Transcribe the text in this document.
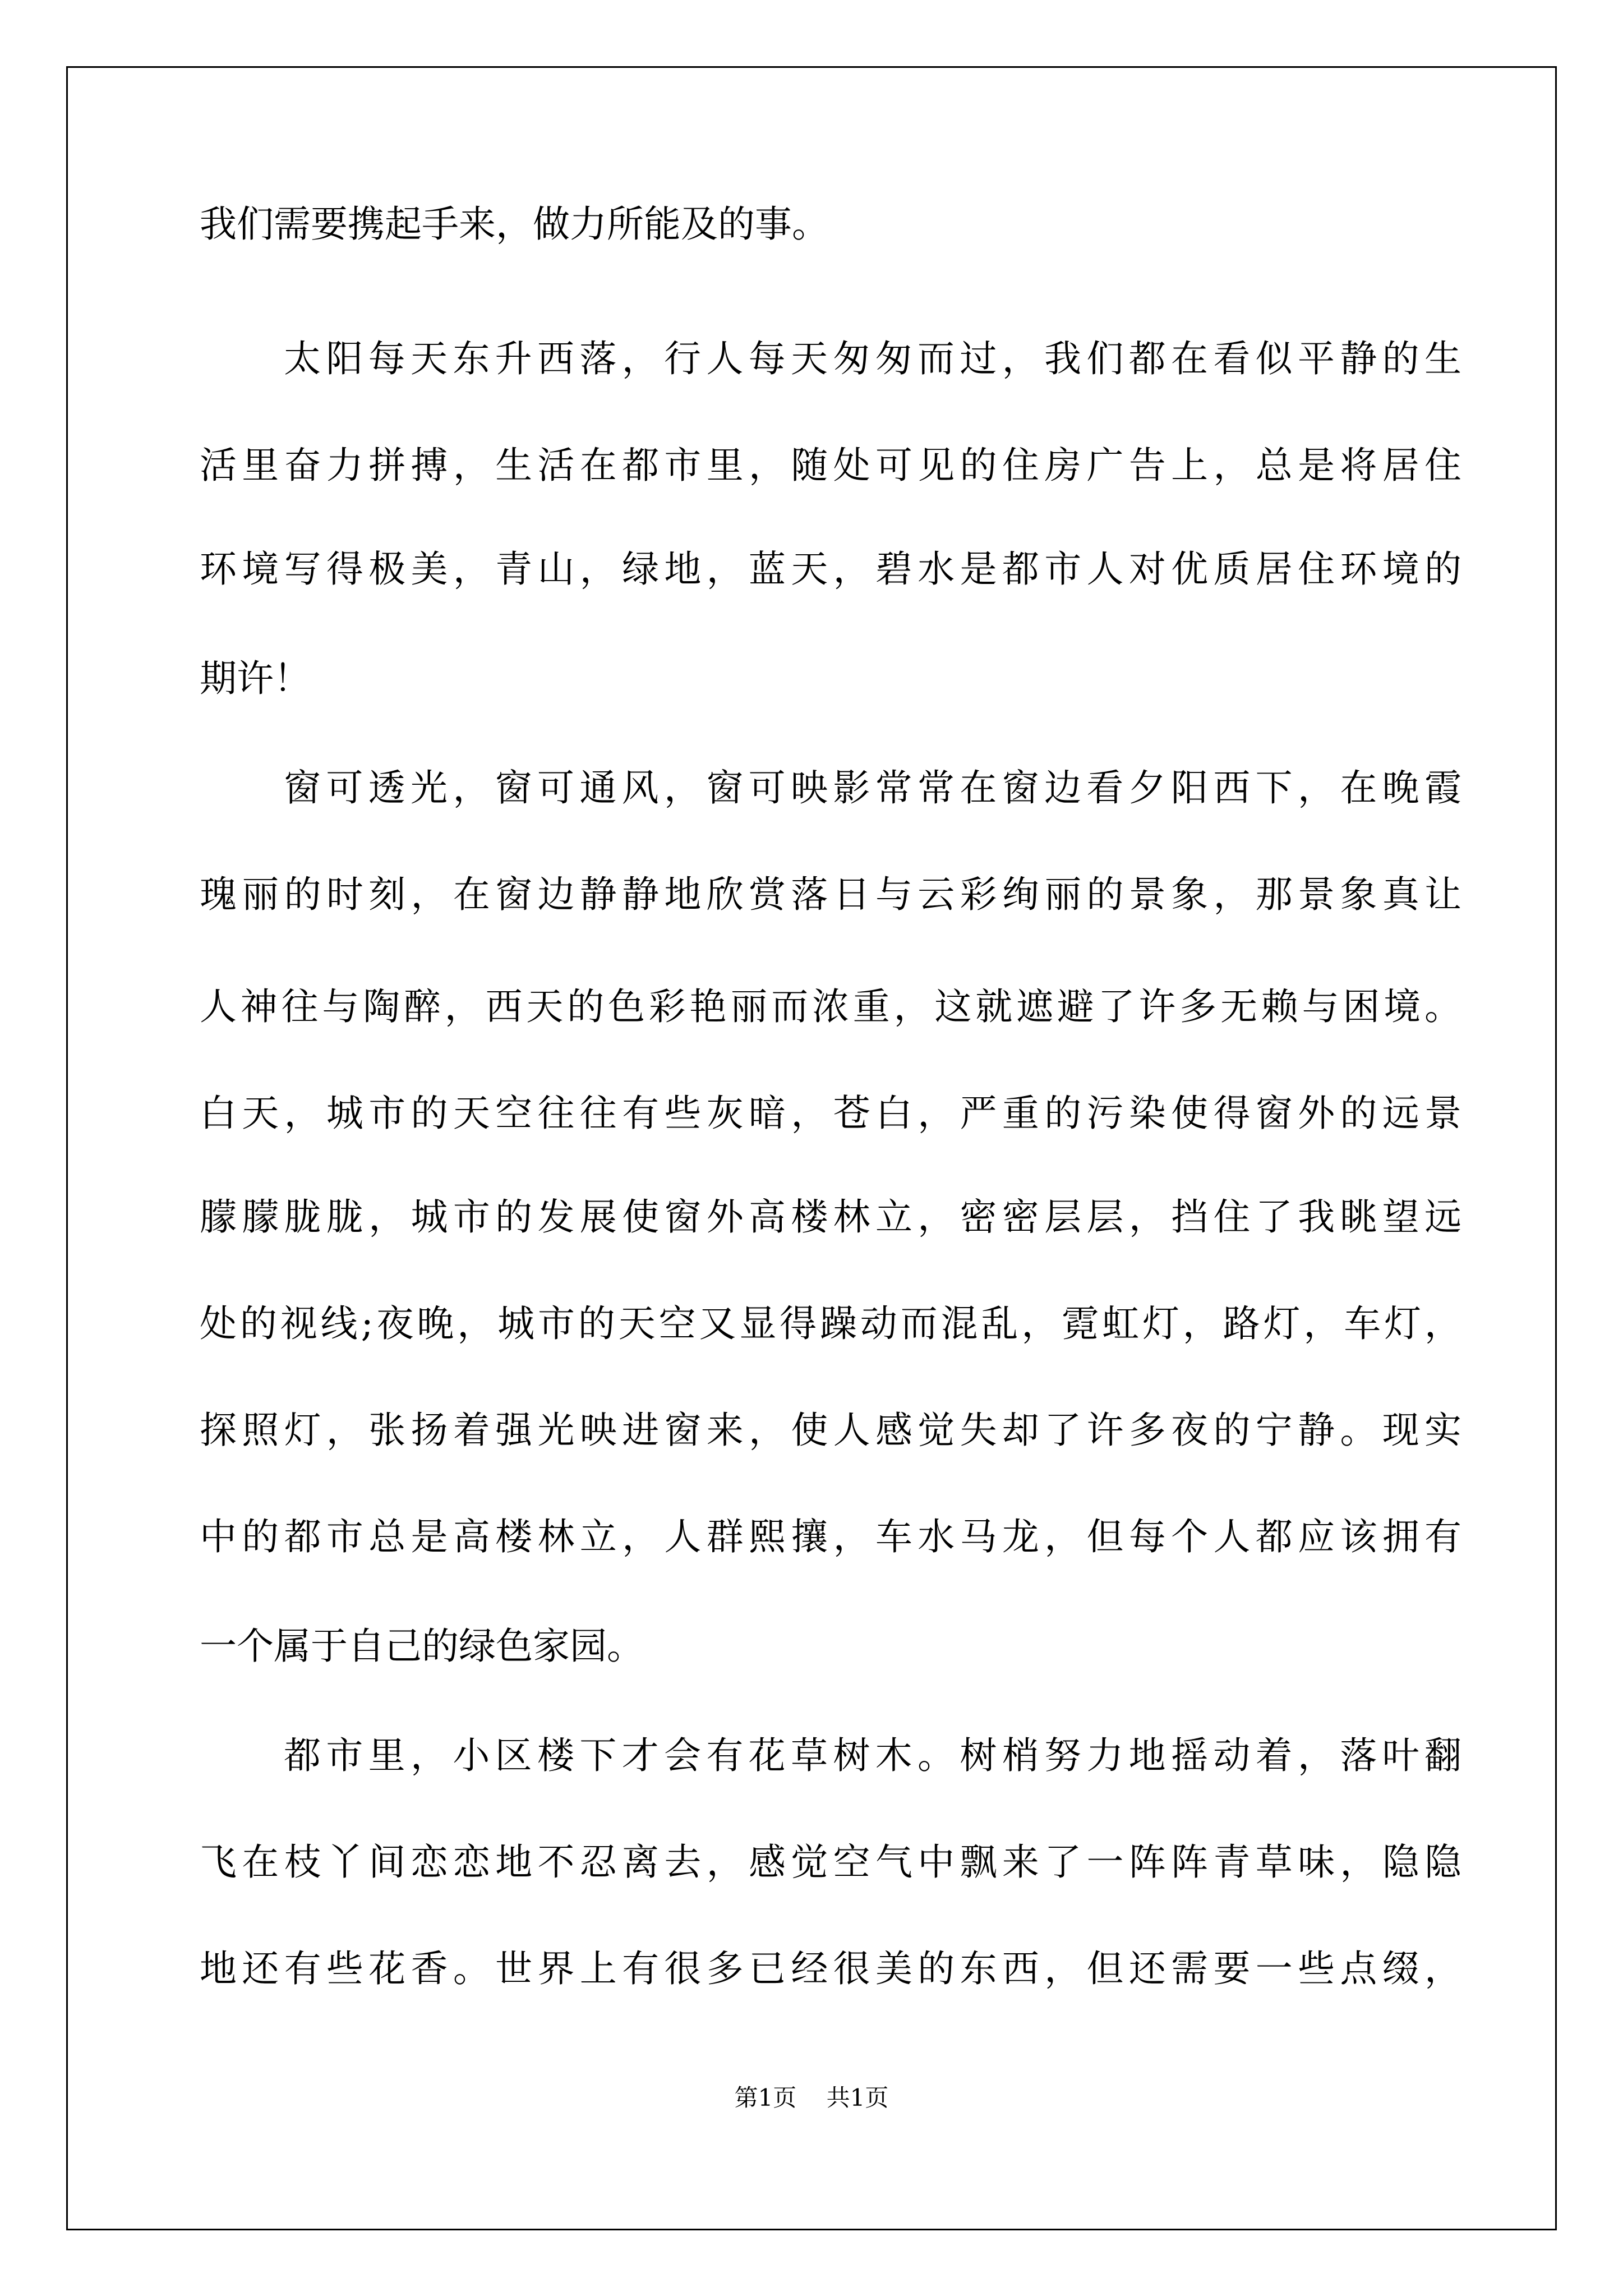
我们需要携起手来，做力所能及的事。

太阳每天东升西落，行人每天匆匆而过，我们都在看似平静的生

活里奋力拼搏，生活在都市里，随处可见的住房广告上，总是将居住

环境写得极美，青山，绿地，蓝天，碧水是都市人对优质居住环境的

期许！

窗可透光，窗可通风，窗可映影常常在窗边看夕阳西下，在晚霞

瑰丽的时刻，在窗边静静地欣赏落日与云彩绚丽的景象，那景象真让

人神往与陶醉，西天的色彩艳丽而浓重，这就遮避了许多无赖与困境。

白天，城市的天空往往有些灰暗，苍白，严重的污染使得窗外的远景

朦朦胧胧，城市的发展使窗外高楼林立，密密层层，挡住了我眺望远

处的视线;夜晚，城市的天空又显得躁动而混乱，霓虹灯，路灯，车灯，

探照灯，张扬着强光映进窗来，使人感觉失却了许多夜的宁静。现实

中的都市总是高楼林立，人群熙攘，车水马龙，但每个人都应该拥有

一个属于自己的绿色家园。

都市里，小区楼下才会有花草树木。树梢努力地摇动着，落叶翻

飞在枝丫间恋恋地不忍离去，感觉空气中飘来了一阵阵青草味，隐隐

地还有些花香。世界上有很多已经很美的东西，但还需要一些点缀，

第1页    共1页
